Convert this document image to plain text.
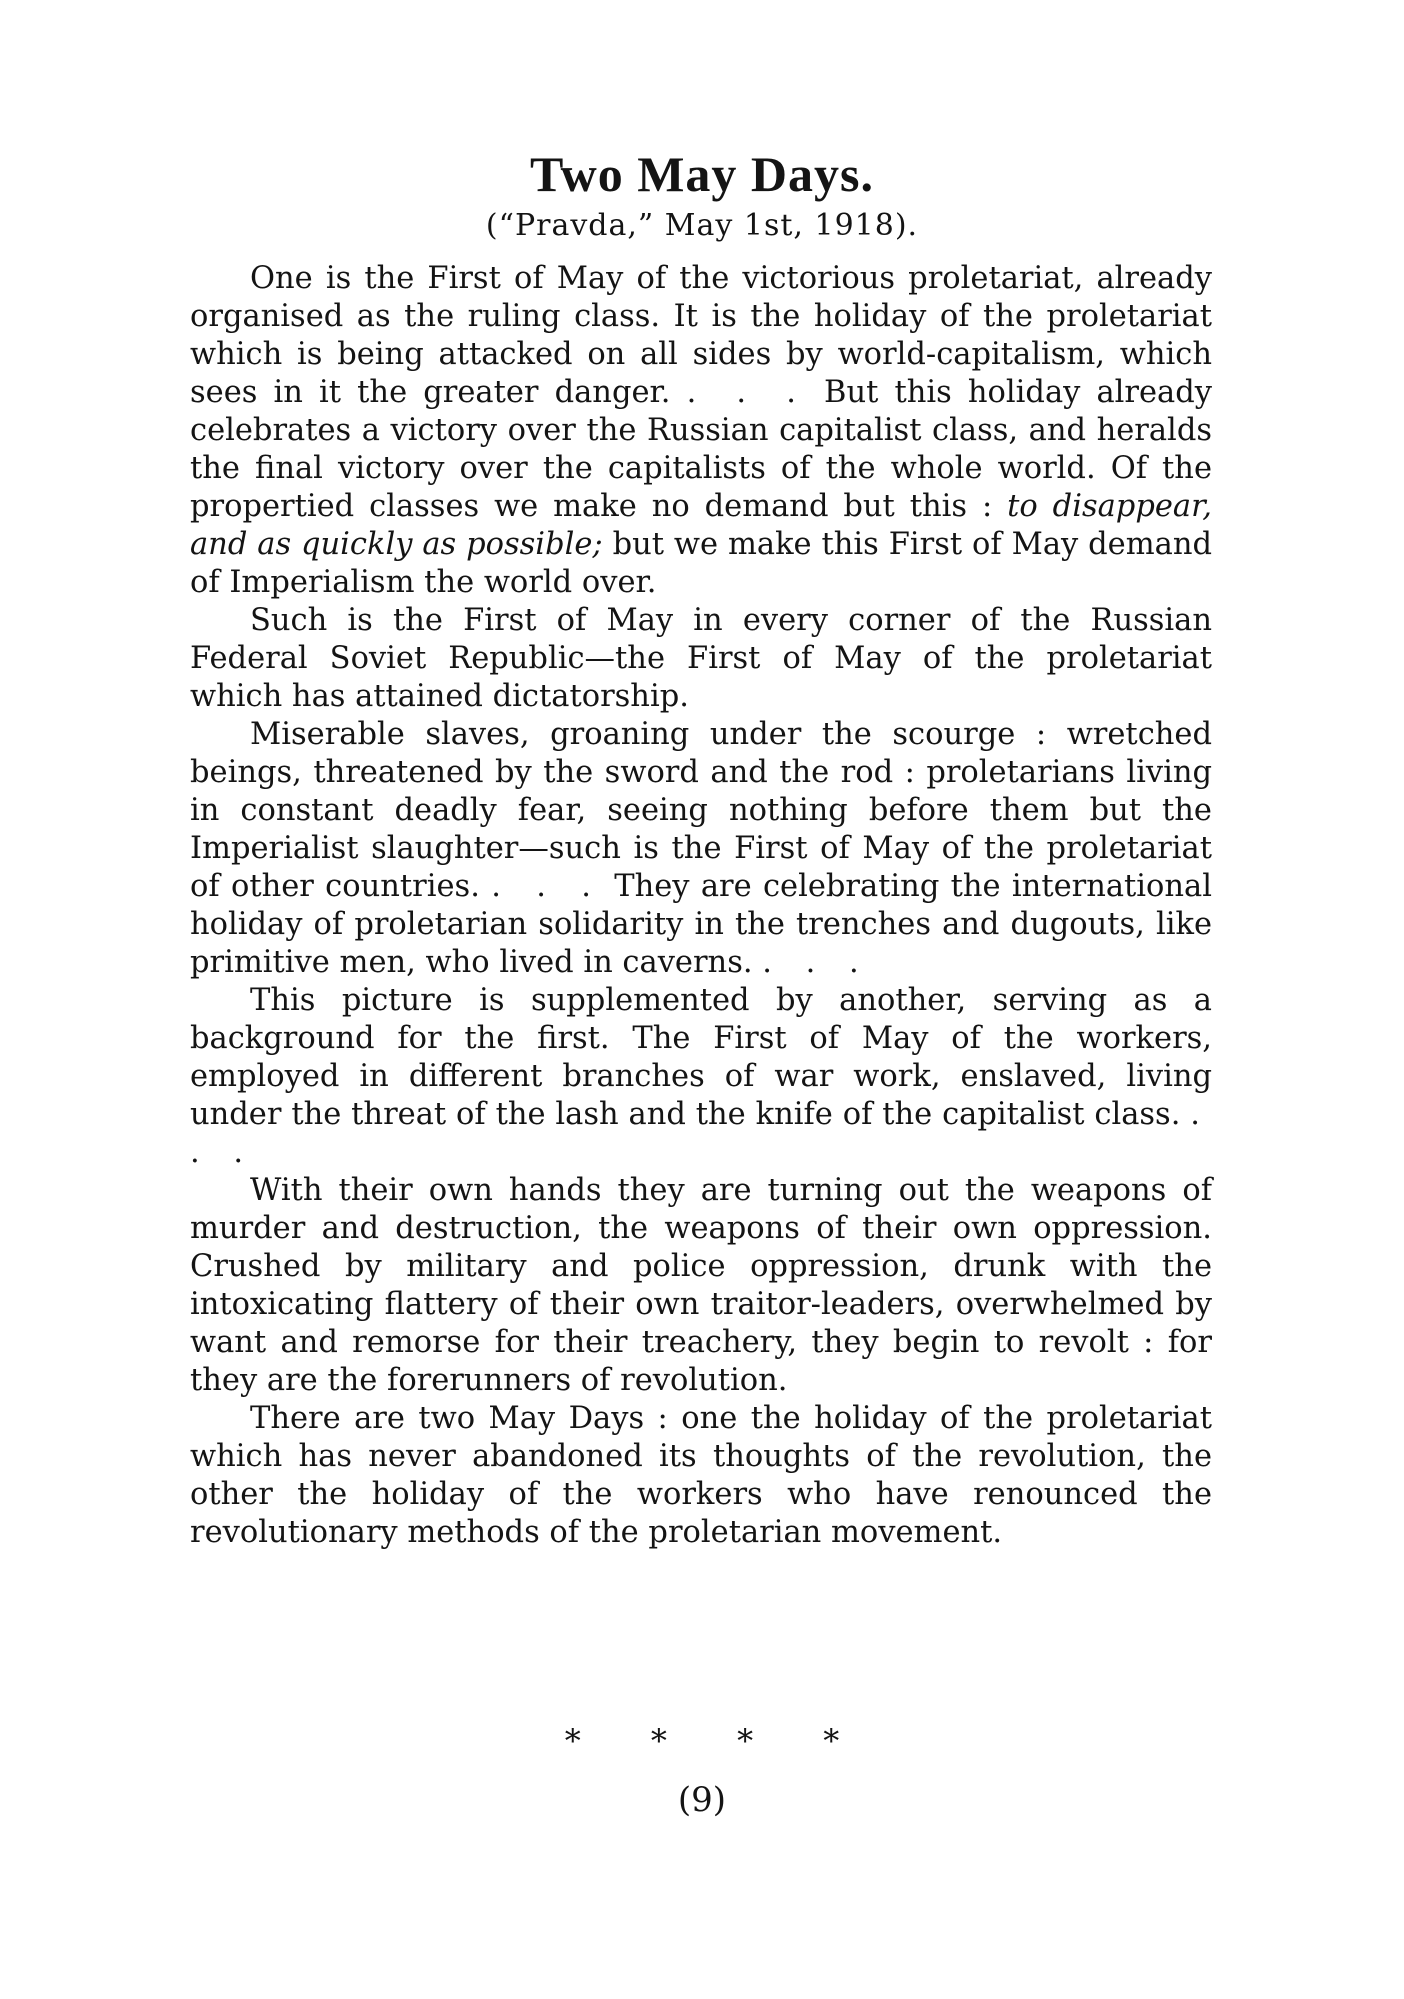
Two May Days.
(“Pravda,” May 1st, 1918).

One is the First of May of the victorious proletariat, already organised as the ruling class. It is the holiday of the proletariat which is being attacked on all sides by world-capitalism, which sees in it the greater danger. . . . But this holiday already celebrates a victory over the Russian capitalist class, and heralds the final victory over the capitalists of the whole world. Of the propertied classes we make no demand but this : to disappear, and as quickly as possible; but we make this First of May demand of Imperialism the world over.

Such is the First of May in every corner of the Russian Federal Soviet Republic—the First of May of the proletariat which has attained dictatorship.

Miserable slaves, groaning under the scourge : wretched beings, threatened by the sword and the rod : proletarians living in constant deadly fear, seeing nothing before them but the Imperialist slaughter—such is the First of May of the proletariat of other countries. . . . They are celebrating the international holiday of proletarian solidarity in the trenches and dugouts, like primitive men, who lived in caverns. . . .

This picture is supplemented by another, serving as a background for the first. The First of May of the workers, employed in different branches of war work, enslaved, living under the threat of the lash and the knife of the capitalist class. . . .

With their own hands they are turning out the weapons of murder and destruction, the weapons of their own oppression. Crushed by military and police oppression, drunk with the intoxicating flattery of their own traitor-leaders, overwhelmed by want and remorse for their treachery, they begin to revolt : for they are the forerunners of revolution.

There are two May Days : one the holiday of the proletariat which has never abandoned its thoughts of the revolution, the other the holiday of the workers who have renounced the revolutionary methods of the proletarian movement.

* * * *
(9)
